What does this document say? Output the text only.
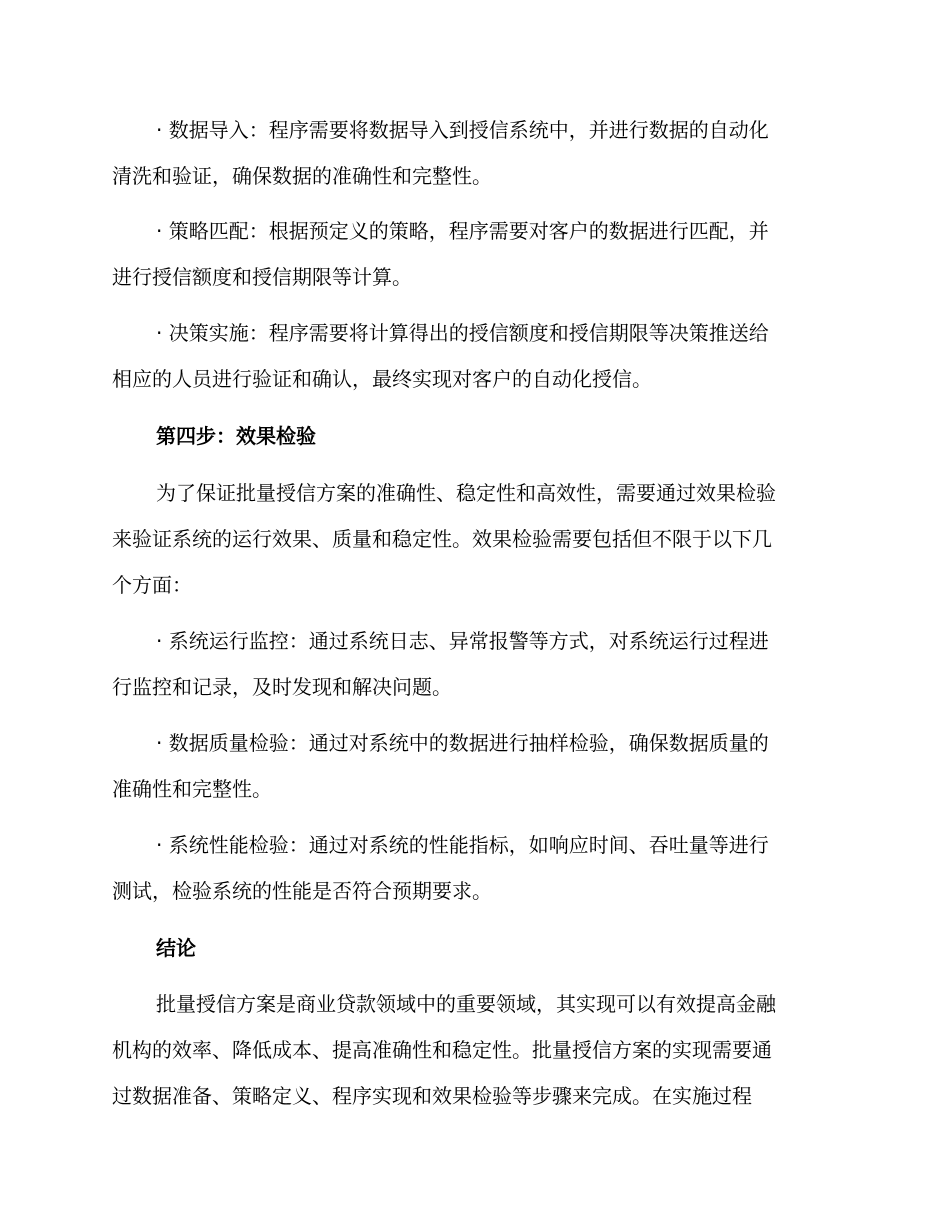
· 数据导入：程序需要将数据导入到授信系统中，并进行数据的自动化
清洗和验证，确保数据的准确性和完整性。

· 策略匹配：根据预定义的策略，程序需要对客户的数据进行匹配，并
进行授信额度和授信期限等计算。

· 决策实施：程序需要将计算得出的授信额度和授信期限等决策推送给
相应的人员进行验证和确认，最终实现对客户的自动化授信。

第四步：效果检验

为了保证批量授信方案的准确性、稳定性和高效性，需要通过效果检验
来验证系统的运行效果、质量和稳定性。效果检验需要包括但不限于以下几
个方面：

· 系统运行监控：通过系统日志、异常报警等方式，对系统运行过程进
行监控和记录，及时发现和解决问题。

· 数据质量检验：通过对系统中的数据进行抽样检验，确保数据质量的
准确性和完整性。

· 系统性能检验：通过对系统的性能指标，如响应时间、吞吐量等进行
测试，检验系统的性能是否符合预期要求。

结论

批量授信方案是商业贷款领域中的重要领域，其实现可以有效提高金融
机构的效率、降低成本、提高准确性和稳定性。批量授信方案的实现需要通
过数据准备、策略定义、程序实现和效果检验等步骤来完成。在实施过程
